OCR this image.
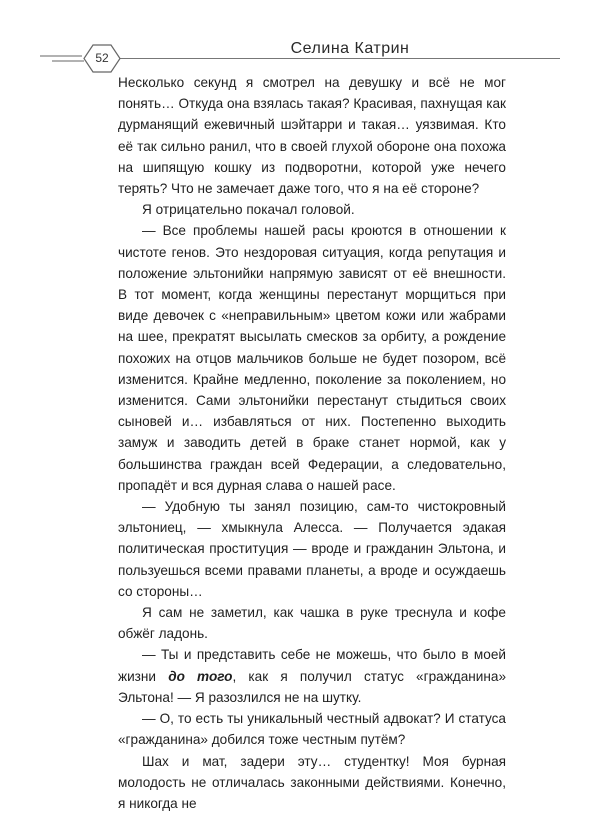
52
Селина Катрин

Несколько секунд я смотрел на девушку и всё не мог понять… Откуда она взялась такая? Красивая, пахнущая как дурманящий ежевичный шэйтарри и такая… уязвимая. Кто её так сильно ранил, что в своей глухой обороне она похожа на шипящую кошку из подворотни, которой уже нечего терять? Что не замечает даже того, что я на её стороне?

Я отрицательно покачал головой.

— Все проблемы нашей расы кроются в отношении к чистоте генов. Это нездоровая ситуация, когда репутация и положение эльтонийки напрямую зависят от её внешности. В тот момент, когда женщины перестанут морщиться при виде девочек с «неправильным» цветом кожи или жабрами на шее, прекратят высылать смесков за орбиту, а рождение похожих на отцов мальчиков больше не будет позором, всё изменится. Крайне медленно, поколение за поколением, но изменится. Сами эльтонийки перестанут стыдиться своих сыновей и… избавляться от них. Постепенно выходить замуж и заводить детей в браке станет нормой, как у большинства граждан всей Федерации, а следовательно, пропадёт и вся дурная слава о нашей расе.

— Удобную ты занял позицию, сам-то чистокровный эльтониец, — хмыкнула Алесса. — Получается эдакая политическая проституция — вроде и гражданин Эльтона, и пользуешься всеми правами планеты, а вроде и осуждаешь со стороны…

Я сам не заметил, как чашка в руке треснула и кофе обжёг ладонь.

— Ты и представить себе не можешь, что было в моей жизни до того, как я получил статус «гражданина» Эльтона! — Я разозлился не на шутку.

— О, то есть ты уникальный честный адвокат? И статуса «гражданина» добился тоже честным путём?

Шах и мат, задери эту… студентку! Моя бурная молодость не отличалась законными действиями. Конечно, я никогда не
